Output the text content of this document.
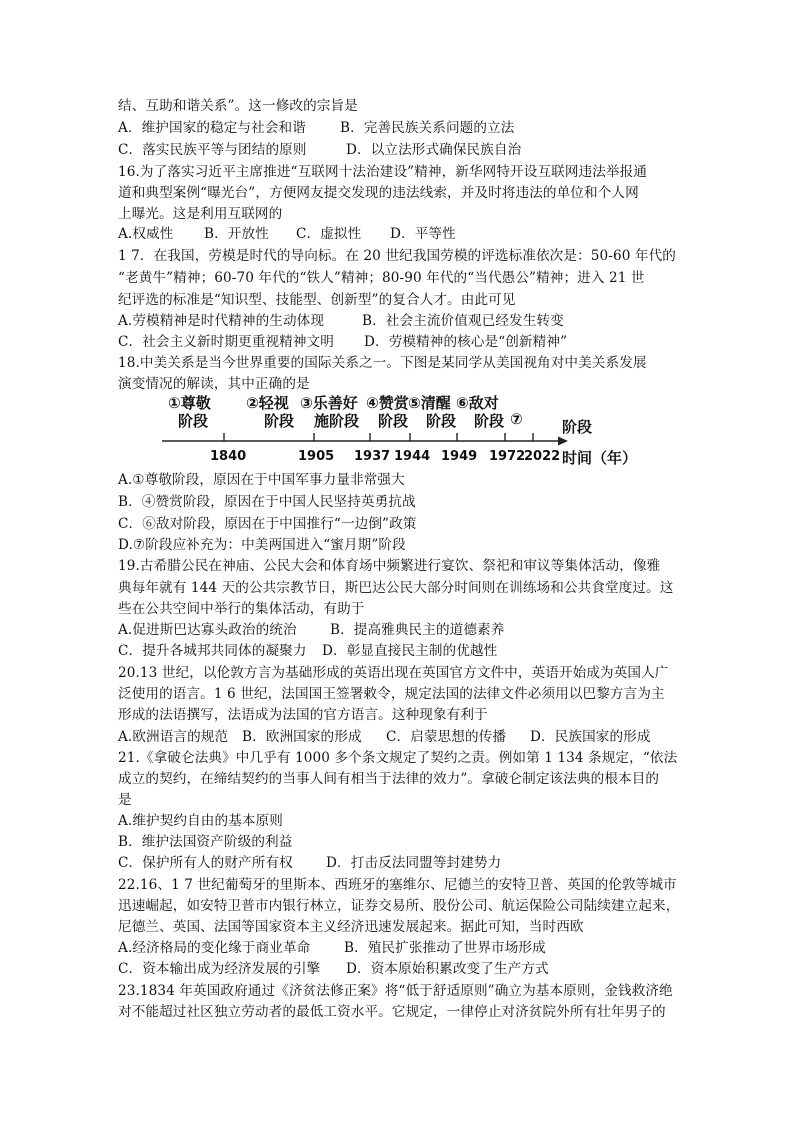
结、互助和谐关系”。这一修改的宗旨是
A．维护国家的稳定与社会和谐	B．完善民族关系问题的立法
C．落实民族平等与团结的原则	D．以立法形式确保民族自治
16.为了落实习近平主席推进“互联网十法治建设”精神，新华网特开设互联网违法举报通
道和典型案例“曝光台”，方便网友提交发现的违法线索，并及时将违法的单位和个人网
上曝光。这是利用互联网的
A.权威性 B．开放性 C．虚拟性 D．平等性
1 7．在我国，劳模是时代的导向标。在 20 世纪我国劳模的评选标准依次是：50-60 年代的
“老黄牛”精神；60-70 年代的“铁人”精神；80-90 年代的“当代愚公”精神；进入 21 世
纪评选的标准是“知识型、技能型、创新型”的复合人才。由此可见
A.劳模精神是时代精神的生动体现	B．社会主流价值观已经发生转变
C．社会主义新时期更重视精神文明 D．劳模精神的核心是“创新精神”
18.中美关系是当今世界重要的国际关系之一。下图是某同学从美国视角对中美关系发展
演变情况的解读，其中正确的是
①尊敬
阶段
②轻视
阶段
③乐善好
施阶段
④赞赏
阶段
⑤清醒
阶段
⑥敌对
阶段 ⑦	阶段
1840	1905 1937 1944 1949 1972
2022 时间（年）
A.①尊敬阶段，原因在于中国军事力量非常强大
B．④赞赏阶段，原因在于中国人民坚持英勇抗战
C．⑥敌对阶段，原因在于中国推行“一边倒”政策
D.⑦阶段应补充为：中美两国进入“蜜月期”阶段
19.古希腊公民在神庙、公民大会和体育场中频繁进行宴饮、祭祀和审议等集体活动，像雅
典每年就有 144 天的公共宗教节日，斯巴达公民大部分时间则在训练场和公共食堂度过。这
些在公共空间中举行的集体活动，有助于
A.促进斯巴达寡头政治的统治 B．提高雅典民主的道德素养
C．提升各城邦共同体的凝聚力 D．彰显直接民主制的优越性
20.13 世纪，以伦敦方言为基础形成的英语出现在英国官方文件中，英语开始成为英国人广
泛使用的语言。1 6 世纪，法国国王签署敕令，规定法国的法律文件必须用以巴黎方言为主
形成的法语撰写，法语成为法国的官方语言。这种现象有利于
A.欧洲语言的规范 B．欧洲国家的形成 C．启蒙思想的传播 D．民族国家的形成
21.《拿破仑法典》中几乎有 1000 多个条文规定了契约之责。例如第 1 134 条规定，“依法
成立的契约，在缔结契约的当事人间有相当于法律的效力”。拿破仑制定该法典的根本目的
是
A.维护契约自由的基本原则
B．维护法国资产阶级的利益
C．保护所有人的财产所有权 D．打击反法同盟等封建势力
22.16、1 7 世纪葡萄牙的里斯本、西班牙的塞维尔、尼德兰的安特卫普、英国的伦敦等城市
迅速崛起，如安特卫普市内银行林立，证券交易所、股份公司、航运保险公司陆续建立起来，
尼德兰、英国、法国等国家资本主义经济迅速发展起来。据此可知，当时西欧
A.经济格局的变化缘于商业革命 B．殖民扩张推动了世界市场形成
C．资本输出成为经济发展的引擎 D．资本原始积累改变了生产方式
23.1834 年英国政府通过《济贫法修正案》将“低于舒适原则”确立为基本原则，金钱救济绝
对不能超过社区独立劳动者的最低工资水平。它规定，一律停止对济贫院外所有壮年男子的
